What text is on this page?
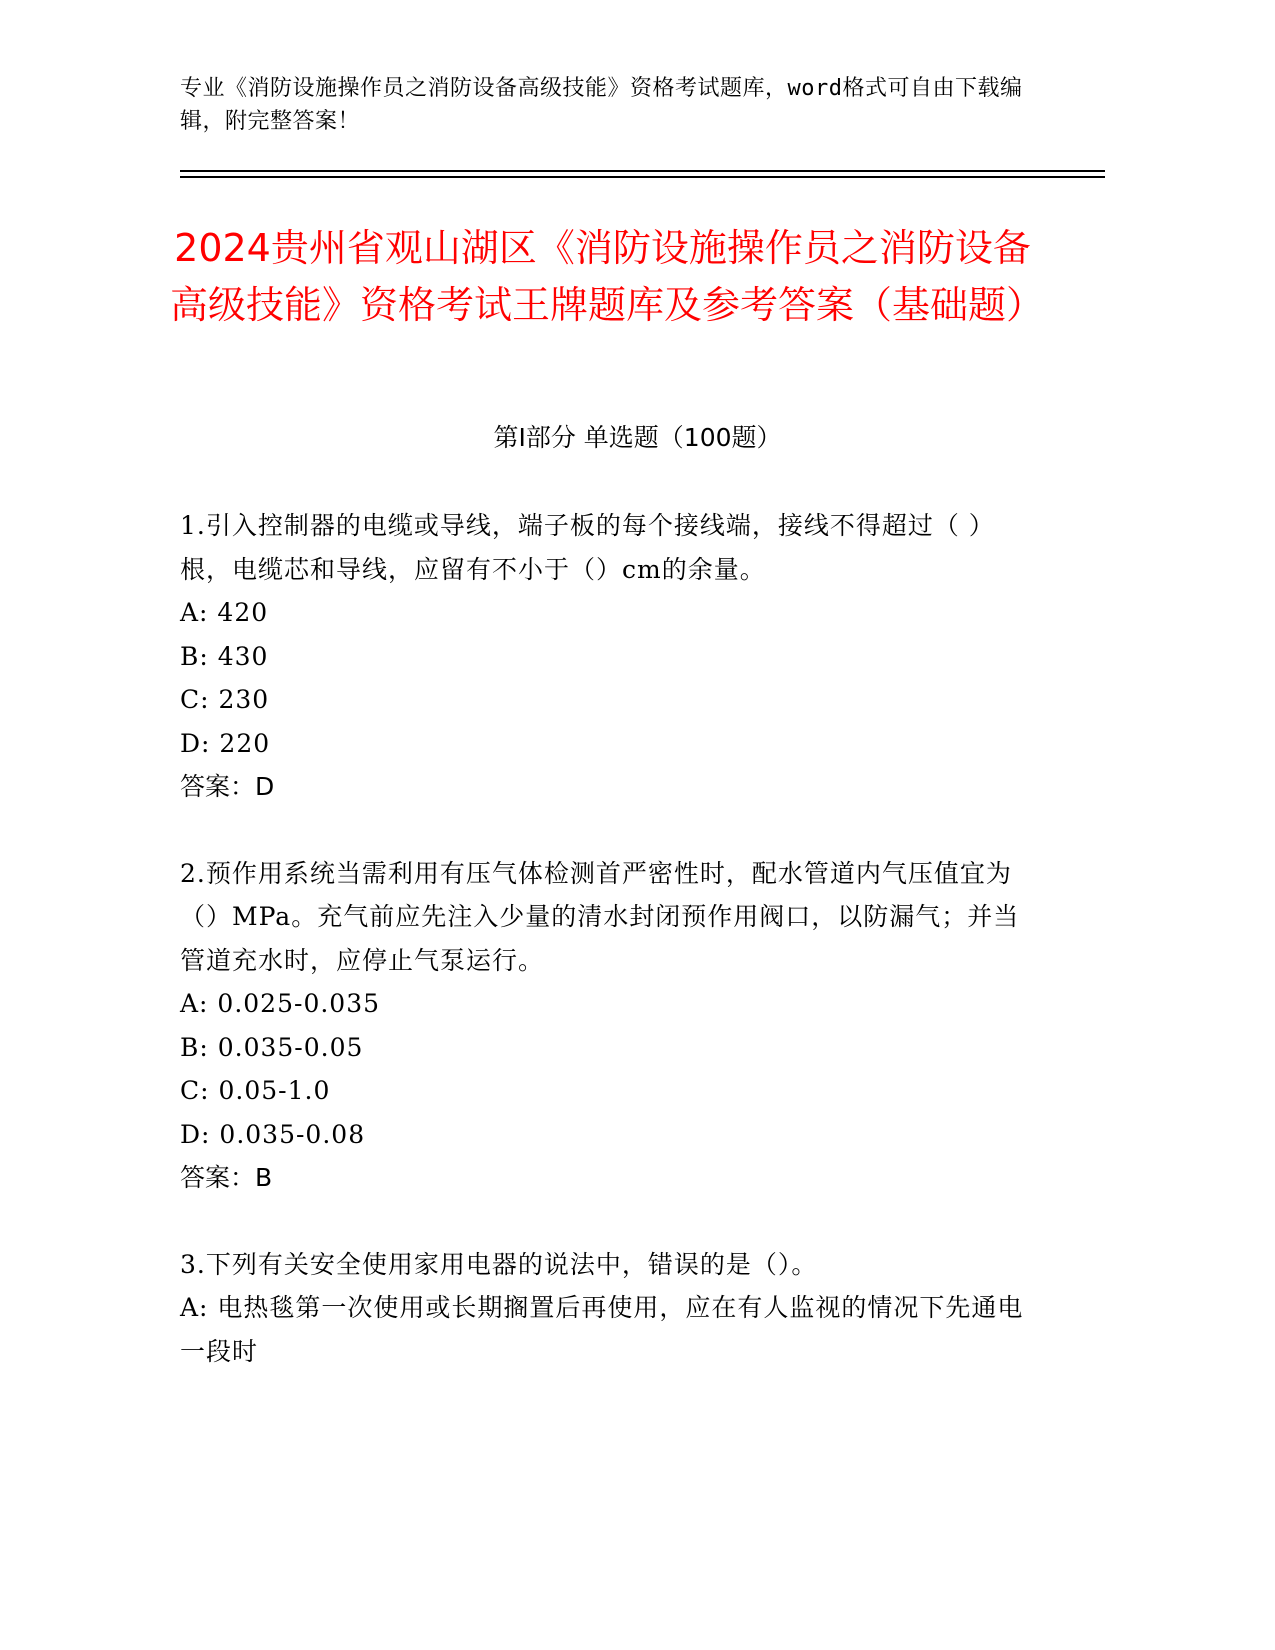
专业《消防设施操作员之消防设备高级技能》资格考试题库，word格式可自由下载编辑，附完整答案！
2024贵州省观山湖区《消防设施操作员之消防设备高级技能》资格考试王牌题库及参考答案（基础题）
第I部分 单选题（100题）
1.引入控制器的电缆或导线，端子板的每个接线端，接线不得超过（ ）根，电缆芯和导线，应留有不小于（）cm的余量。
A: 420
B: 430
C: 230
D: 220
答案：D
2.预作用系统当需利用有压气体检测首严密性时，配水管道内气压值宜为（）MPa。充气前应先注入少量的清水封闭预作用阀口，以防漏气；并当管道充水时，应停止气泵运行。
A: 0.025-0.035
B: 0.035-0.05
C: 0.05-1.0
D: 0.035-0.08
答案：B
3.下列有关安全使用家用电器的说法中，错误的是（）。
A: 电热毯第一次使用或长期搁置后再使用，应在有人监视的情况下先通电一段时
